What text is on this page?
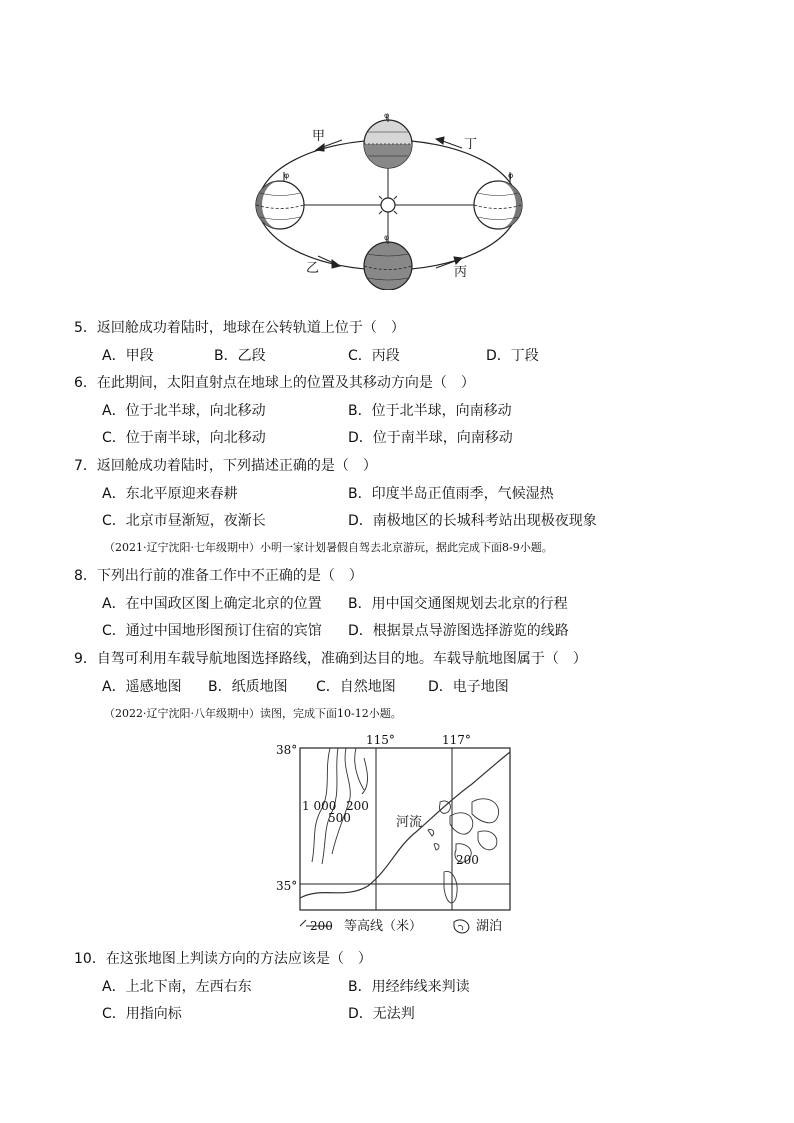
φ
φ	φ
φ
甲
乙	丙
丁
5．返回舱成功着陆时，地球在公转轨道上位于（　）
A．甲段	B．乙段	C．丙段	D．丁段
6．在此期间，太阳直射点在地球上的位置及其移动方向是（　）
A．位于北半球，向北移动	B．位于北半球，向南移动
C．位于南半球，向北移动	D．位于南半球，向南移动
7．返回舱成功着陆时，下列描述正确的是（　）
A．东北平原迎来春耕	B．印度半岛正值雨季，气候湿热
C．北京市昼渐短，夜渐长	D．南极地区的长城科考站出现极夜现象
（2021·辽宁沈阳·七年级期中）小明一家计划暑假自驾去北京游玩，据此完成下面8-9小题。
8．下列出行前的准备工作中不正确的是（　）
A．在中国政区图上确定北京的位置 B．用中国交通图规划去北京的行程
C．通过中国地形图预订住宿的宾馆 D．根据景点导游图选择游览的线路
9．自驾可利用车载导航地图选择路线，准确到达目的地。车载导航地图属于（　）
A．遥感地图 B．纸质地图 C．自然地图 D．电子地图
（2022·辽宁沈阳·八年级期中）读图，完成下面10-12小题。
38°
35°
115°	117°
1 000 200
500	河流
200
200 等高线（米）	湖泊
10．在这张地图上判读方向的方法应该是（　）
A．上北下南，左西右东	B．用经纬线来判读
C．用指向标	D．无法判
